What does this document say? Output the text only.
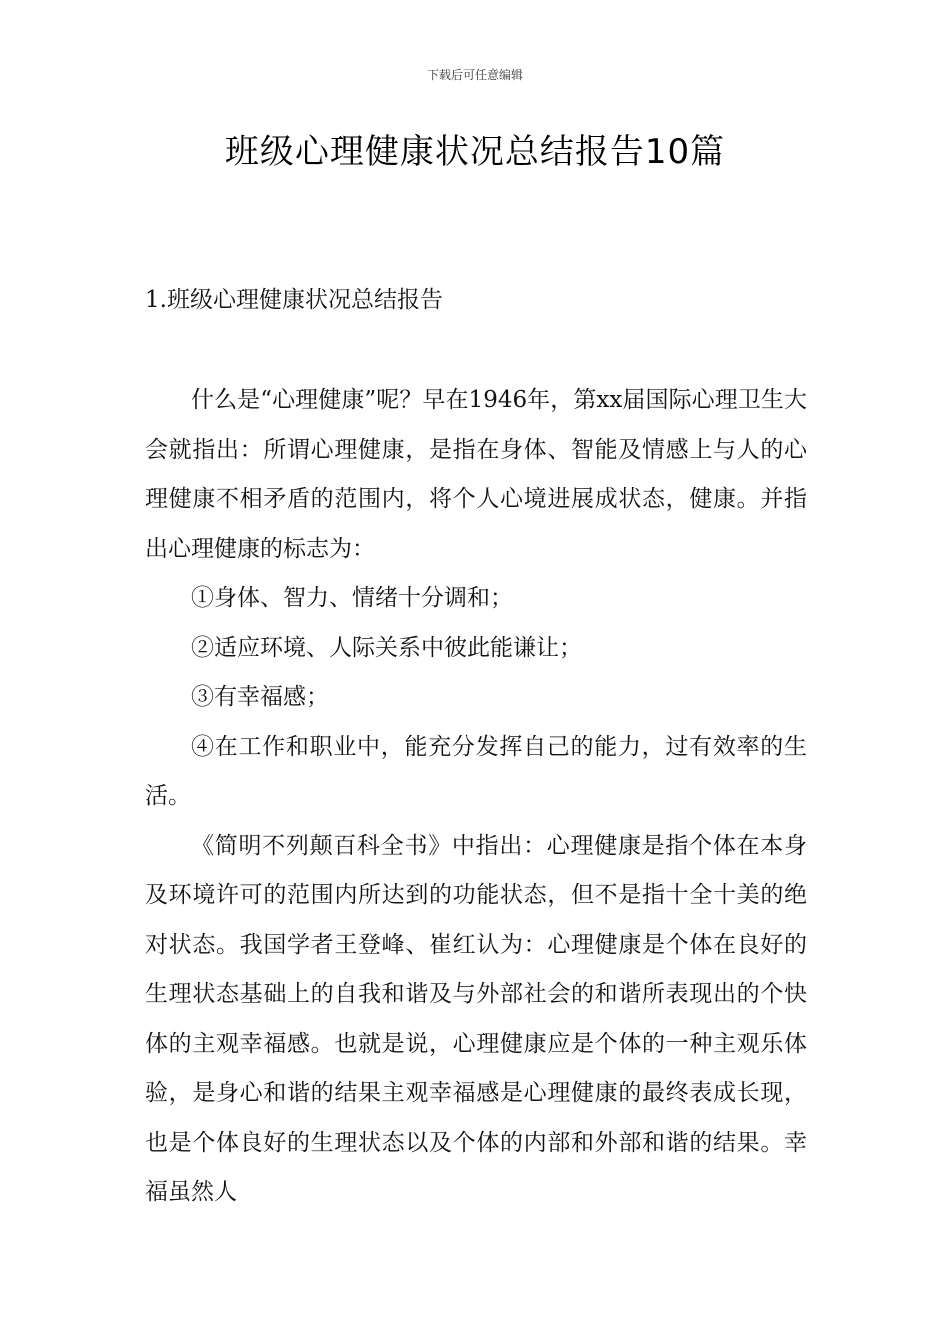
下载后可任意编辑
班级心理健康状况总结报告10篇
1.班级心理健康状况总结报告

什么是“心理健康”呢？早在1946年，第xx届国际心理卫生大会就指出：所谓心理健康，是指在身体、智能及情感上与人的心理健康不相矛盾的范围内，将个人心境进展成状态，健康。并指出心理健康的标志为：

①身体、智力、情绪十分调和；

②适应环境、人际关系中彼此能谦让；

③有幸福感；

④在工作和职业中，能充分发挥自己的能力，过有效率的生活。

《简明不列颠百科全书》中指出：心理健康是指个体在本身及环境许可的范围内所达到的功能状态，但不是指十全十美的绝对状态。我国学者王登峰、崔红认为：心理健康是个体在良好的生理状态基础上的自我和谐及与外部社会的和谐所表现出的个快体的主观幸福感。也就是说，心理健康应是个体的一种主观乐体验，是身心和谐的结果主观幸福感是心理健康的最终表成长现，也是个体良好的生理状态以及个体的内部和外部和谐的结果。幸福虽然人
